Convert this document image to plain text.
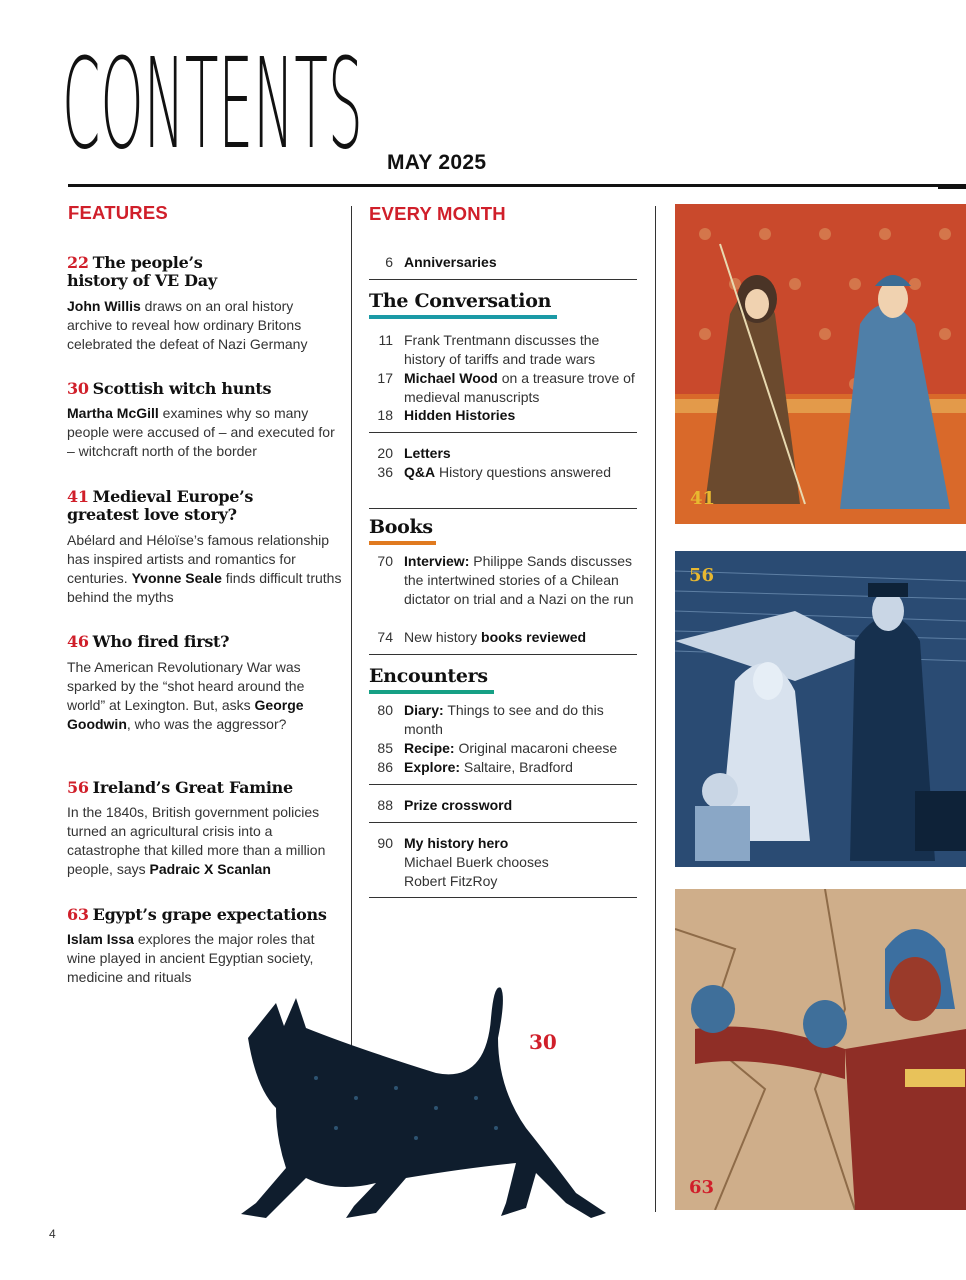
CONTENTS MAY 2025
FEATURES
22 The people’s
history of VE Day
John Willis draws on an oral history archive to reveal how ordinary Britons celebrated the defeat of Nazi Germany
30 Scottish witch hunts
Martha McGill examines why so many people were accused of – and executed for – witchcraft north of the border
41 Medieval Europe’s
greatest love story?
Abélard and Héloïse’s famous relationship has inspired artists and romantics for centuries. Yvonne Seale finds difficult truths behind the myths
46 Who fired first?
The American Revolutionary War was sparked by the “shot heard around the world” at Lexington. But, asks George Goodwin, who was the aggressor?
56 Ireland’s Great Famine
In the 1840s, British government policies turned an agricultural crisis into a catastrophe that killed more than a million people, says Padraic X Scanlan
63 Egypt’s grape expectations
Islam Issa explores the major roles that wine played in ancient Egyptian society, medicine and rituals
EVERY MONTH
6 Anniversaries
The Conversation
11 Frank Trentmann discusses the history of tariffs and trade wars
17 Michael Wood on a treasure trove of medieval manuscripts
18 Hidden Histories
20 Letters
36 Q&A History questions answered
Books
70 Interview: Philippe Sands discusses the intertwined stories of a Chilean dictator on trial and a Nazi on the run
74 New history books reviewed
Encounters
80 Diary: Things to see and do this month
85 Recipe: Original macaroni cheese
86 Explore: Saltaire, Bradford
88 Prize crossword
90 My history hero
Michael Buerk chooses Robert FitzRoy
41
56
63
30
4
